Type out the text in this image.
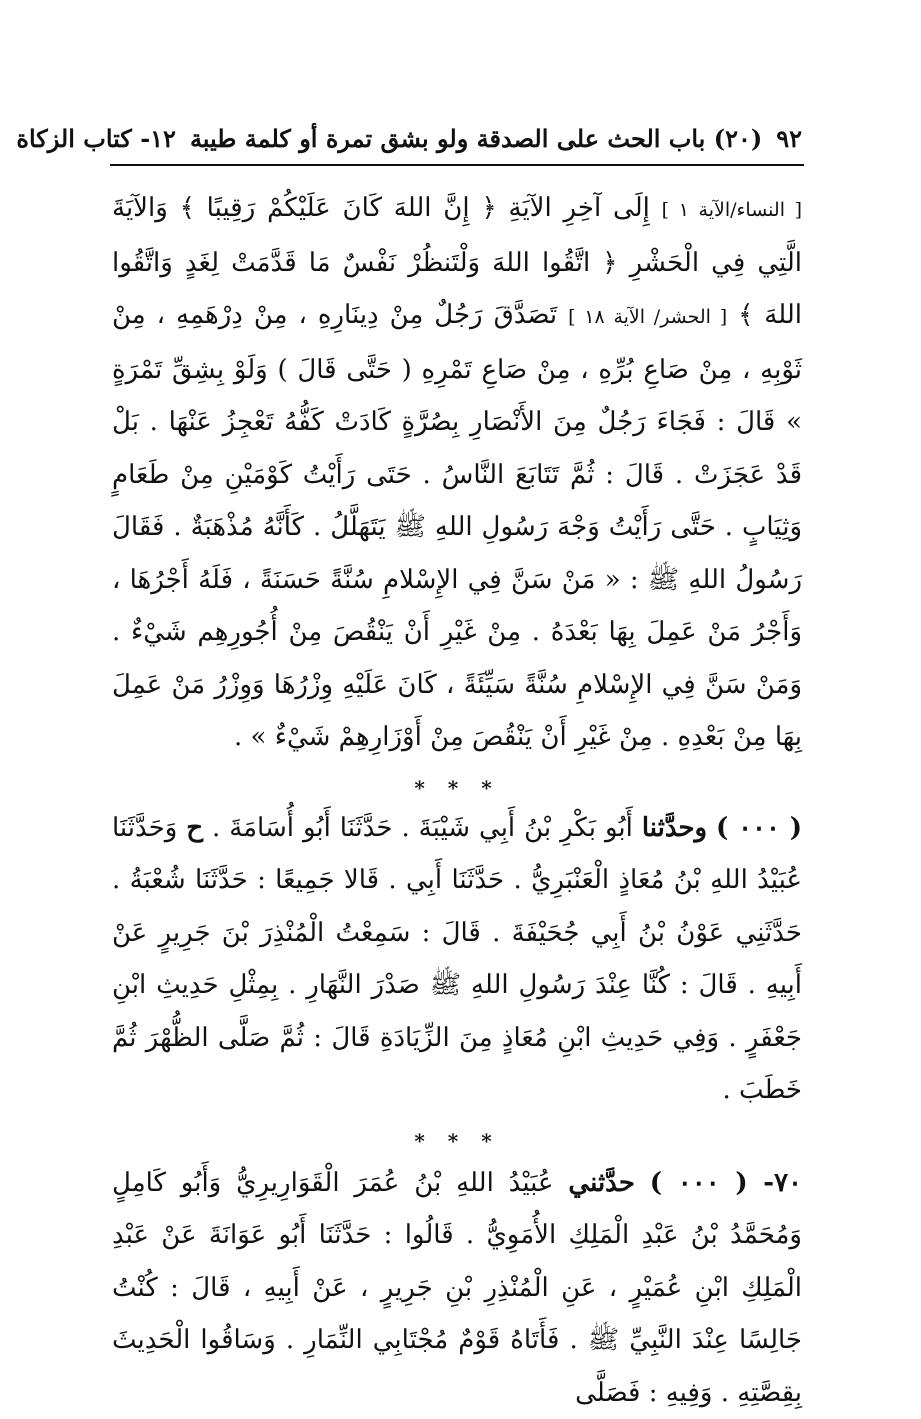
٩٢
(٢٠) باب الحث على الصدقة ولو بشق تمرة أو كلمة طيبة
١٢- كتاب الزكاة
[ النساء/الآية ١ ] إِلَى آخِرِ الآيَةِ ﴿ إِنَّ اللهَ كَانَ عَلَيْكُمْ رَقِيبًا ﴾ وَالآيَةَ الَّتِي فِي الْحَشْرِ ﴿ اتَّقُوا اللهَ وَلْتَنظُرْ نَفْسٌ مَا قَدَّمَتْ لِغَدٍ وَاتَّقُوا اللهَ ﴾ [ الحشر/ الآية ١٨ ] تَصَدَّقَ رَجُلٌ مِنْ دِينَارِهِ ، مِنْ دِرْهَمِهِ ، مِنْ ثَوْبِهِ ، مِنْ صَاعِ بُرِّهِ ، مِنْ صَاعِ تَمْرِهِ ( حَتَّى قَالَ ) وَلَوْ بِشِقِّ تَمْرَةٍ » قَالَ : فَجَاءَ رَجُلٌ مِنَ الأَنْصَارِ بِصُرَّةٍ كَادَتْ كَفُّهُ تَعْجِزُ عَنْهَا . بَلْ قَدْ عَجَزَتْ . قَالَ : ثُمَّ تَتَابَعَ النَّاسُ . حَتَى رَأَيْتُ كَوْمَيْنِ مِنْ طَعَامٍ وَثِيَابٍ . حَتَّى رَأَيْتُ وَجْهَ رَسُولِ اللهِ ﷺ يَتَهَلَّلُ . كَأَنَّهُ مُذْهَبَةٌ . فَقَالَ رَسُولُ اللهِ ﷺ : « مَنْ سَنَّ فِي الإِسْلامِ سُنَّةً حَسَنَةً ، فَلَهُ أَجْرُهَا ، وَأَجْرُ مَنْ عَمِلَ بِهَا بَعْدَهُ . مِنْ غَيْرِ أَنْ يَنْقُصَ مِنْ أُجُورِهِم شَيْءٌ . وَمَنْ سَنَّ فِي الإِسْلامِ سُنَّةً سَيِّئَةً ، كَانَ عَلَيْهِ وِزْرُهَا وَوِزْرُ مَنْ عَمِلَ بِهَا مِنْ بَعْدِهِ . مِنْ غَيْرِ أَنْ يَنْقُصَ مِنْ أَوْزَارِهِمْ شَيْءٌ » .
* * *
( ٠٠٠ ) وحدَّثنا أَبُو بَكْرِ بْنُ أَبِي شَيْبَةَ . حَدَّثَنَا أَبُو أُسَامَةَ . ح وَحَدَّثَنَا عُبَيْدُ اللهِ بْنُ مُعَاذٍ الْعَنْبَرِيُّ . حَدَّثَنَا أَبِي . قَالا جَمِيعًا : حَدَّثَنَا شُعْبَةُ . حَدَّثَنِي عَوْنُ بْنُ أَبِي جُحَيْفَةَ . قَالَ : سَمِعْتُ الْمُنْذِرَ بْنَ جَرِيرٍ عَنْ أَبِيهِ . قَالَ : كُنَّا عِنْدَ رَسُولِ اللهِ ﷺ صَدْرَ النَّهَارِ . بِمِثْلِ حَدِيثِ ابْنِ جَعْفَرٍ . وَفِي حَدِيثِ ابْنِ مُعَاذٍ مِنَ الزِّيَادَةِ قَالَ : ثُمَّ صَلَّى الظُّهْرَ ثُمَّ خَطَبَ .
* * *
٧٠- ( ٠٠٠ ) حدَّثني عُبَيْدُ اللهِ بْنُ عُمَرَ الْقَوَارِيرِيُّ وَأَبُو كَامِلٍ وَمُحَمَّدُ بْنُ عَبْدِ الْمَلِكِ الأُمَوِيُّ . قَالُوا : حَدَّثَنَا أَبُو عَوَانَةَ عَنْ عَبْدِ الْمَلِكِ ابْنِ عُمَيْرٍ ، عَنِ الْمُنْذِرِ بْنِ جَرِيرٍ ، عَنْ أَبِيهِ ، قَالَ : كُنْتُ جَالِسًا عِنْدَ النَّبِيِّ ﷺ . فَأَتَاهُ قَوْمٌ مُجْتَابِي النِّمَارِ . وَسَاقُوا الْحَدِيثَ بِقِصَّتِهِ . وَفِيهِ : فَصَلَّى
